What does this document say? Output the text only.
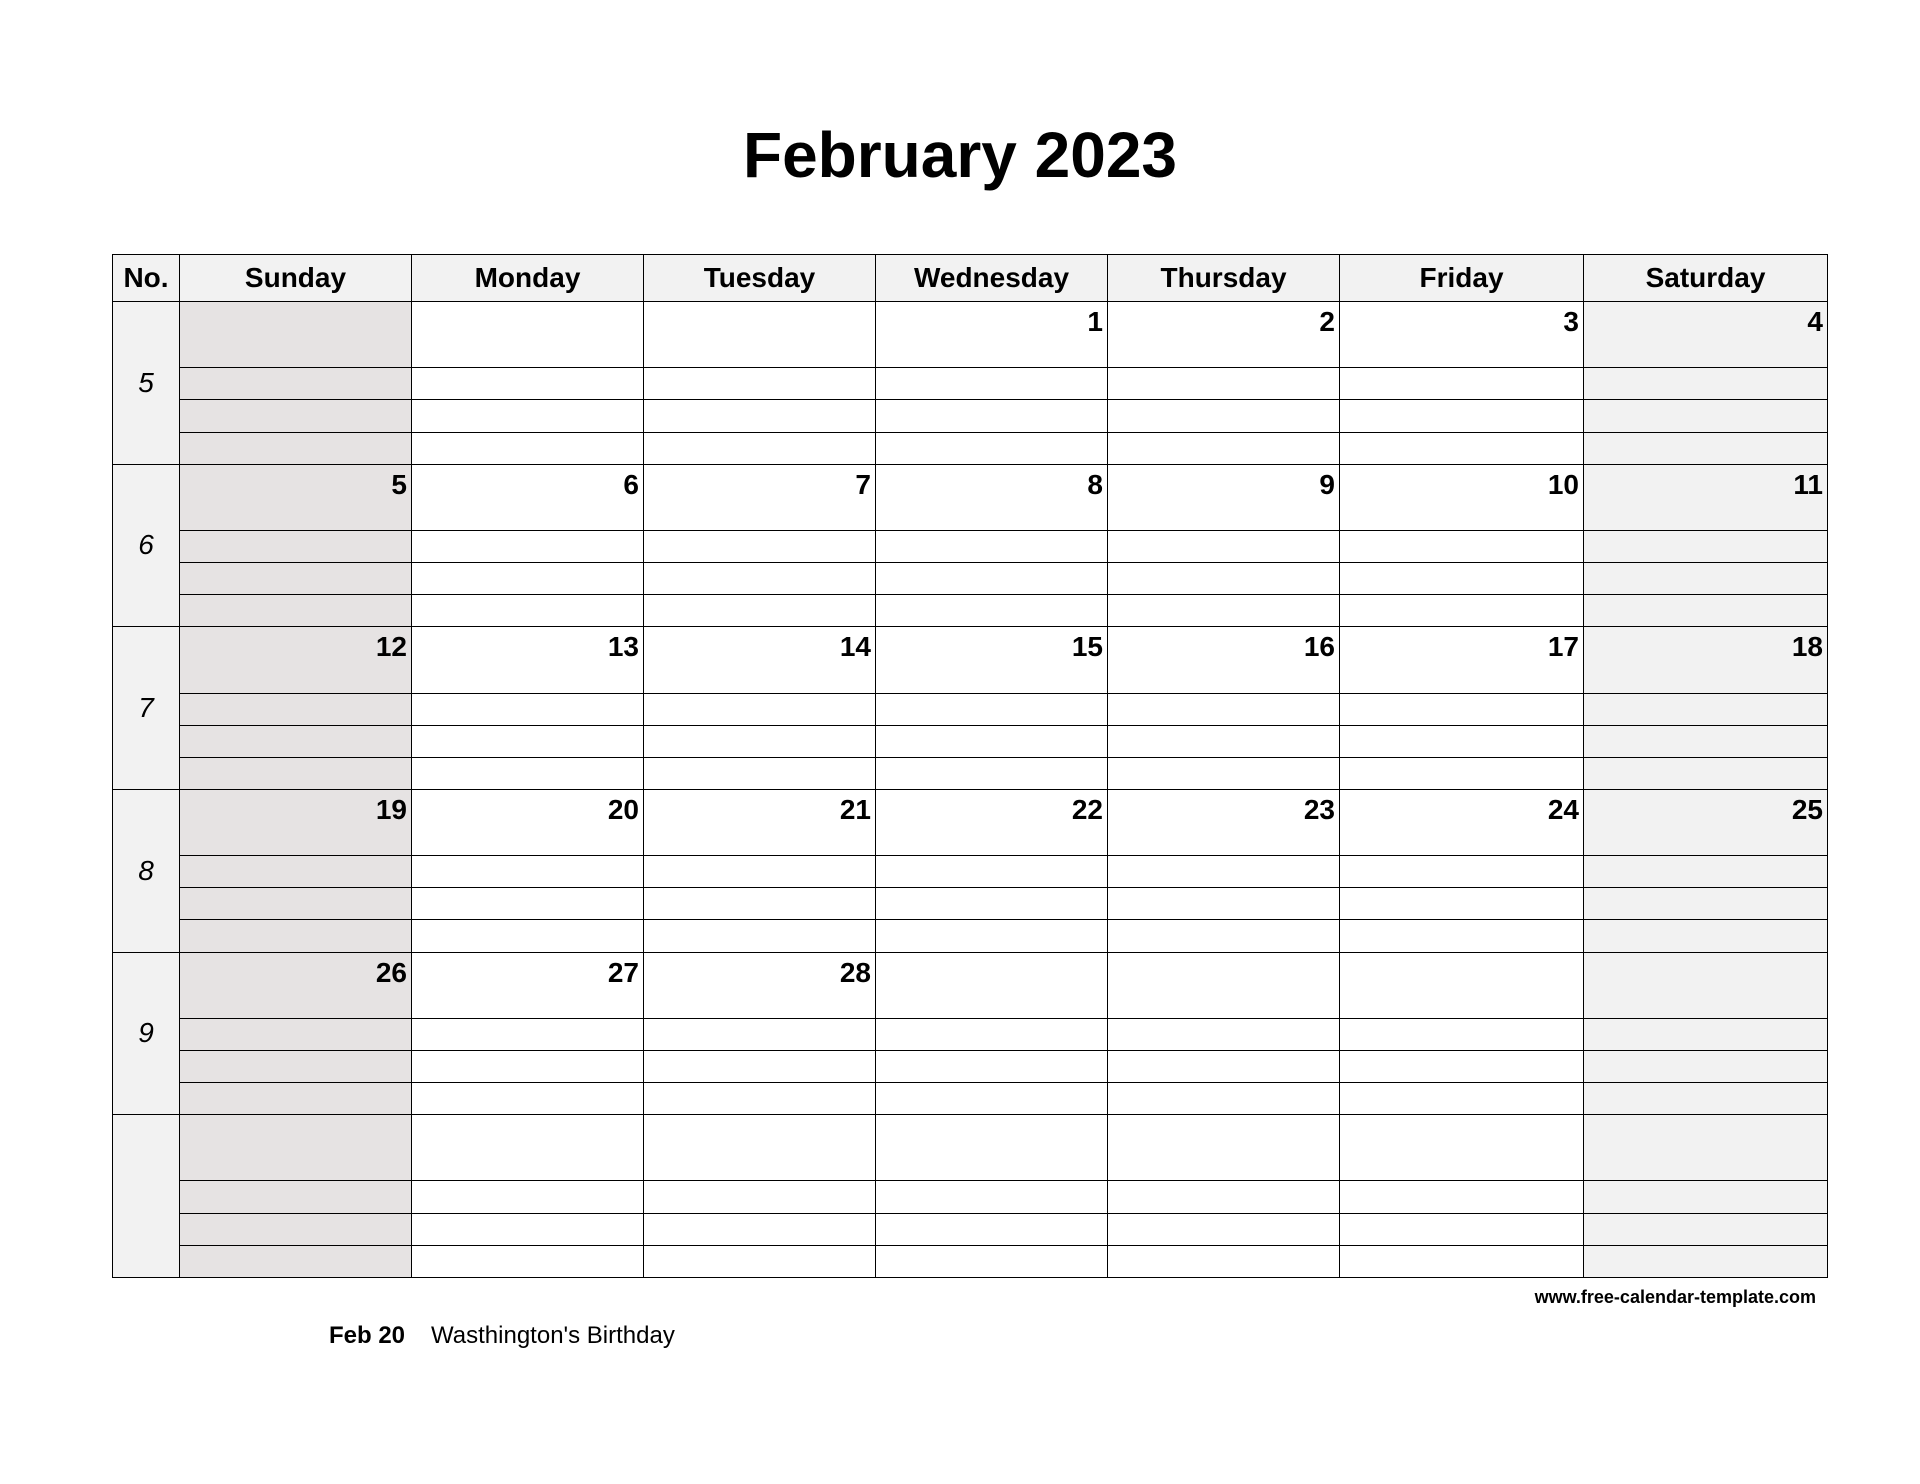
February 2023
No.	Sunday	Monday	Tuesday	Wednesday	Thursday	Friday	Saturday
5				1	2	3	4

6	5	6	7	8	9	10	11

7	12	13	14	15	16	17	18

8	19	20	21	22	23	24	25

9	26	27	28				

www.free-calendar-template.com
Feb 20 Wasthington's Birthday
